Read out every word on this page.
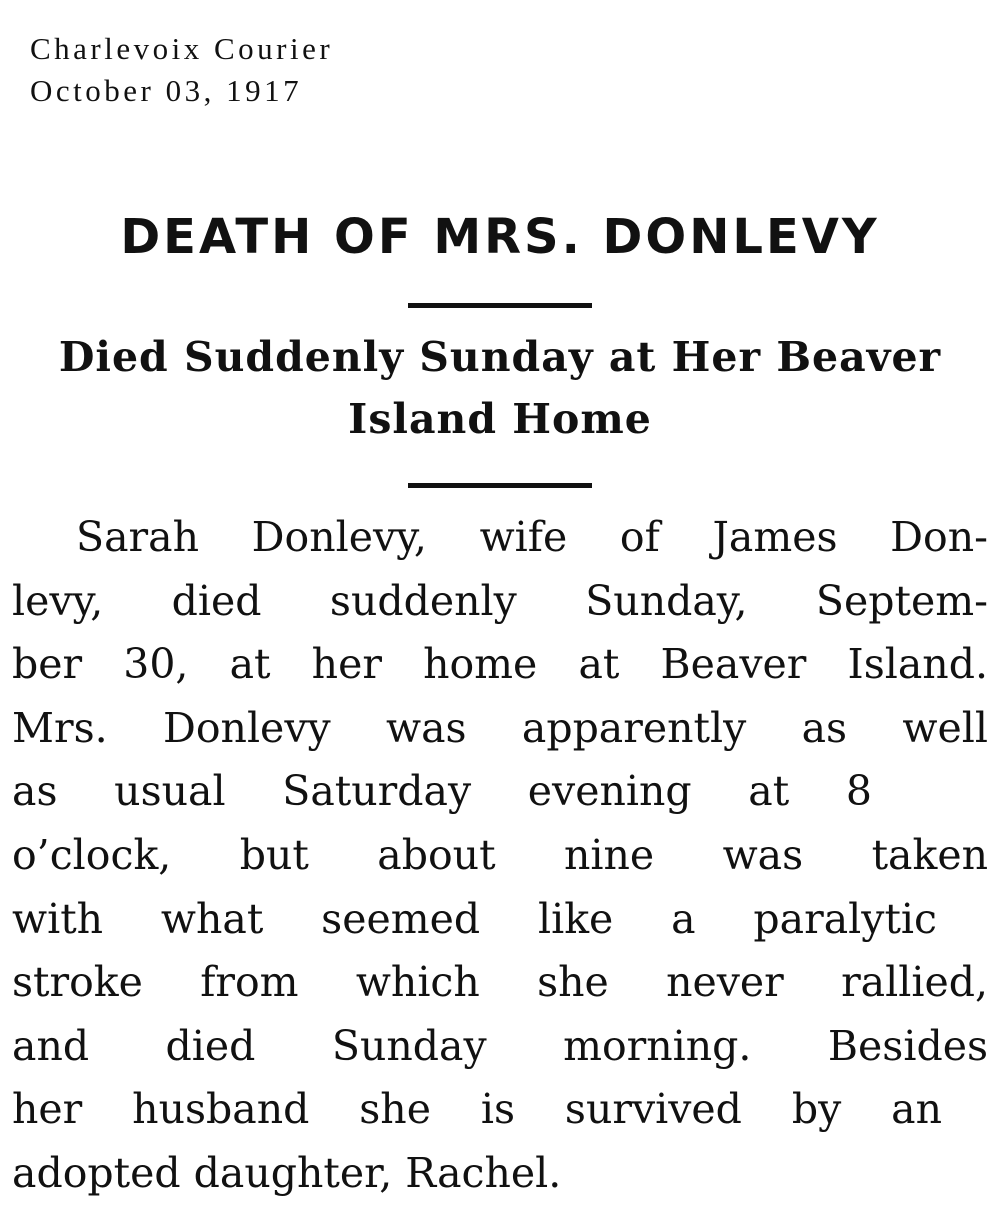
Charlevoix Courier
October 03, 1917
DEATH OF MRS. DONLEVY
Died Suddenly Sunday at Her Beaver
Island Home
Sarah Donlevy, wife of James Don-
levy, died suddenly Sunday, Septem-
ber 30, at her home at Beaver Island.
Mrs. Donlevy was apparently as well
as usual Saturday evening at 8
o’clock, but about nine was taken
with what seemed like a paralytic
stroke from which she never rallied,
and died Sunday morning. Besides
her husband she is survived by an
adopted daughter, Rachel.
